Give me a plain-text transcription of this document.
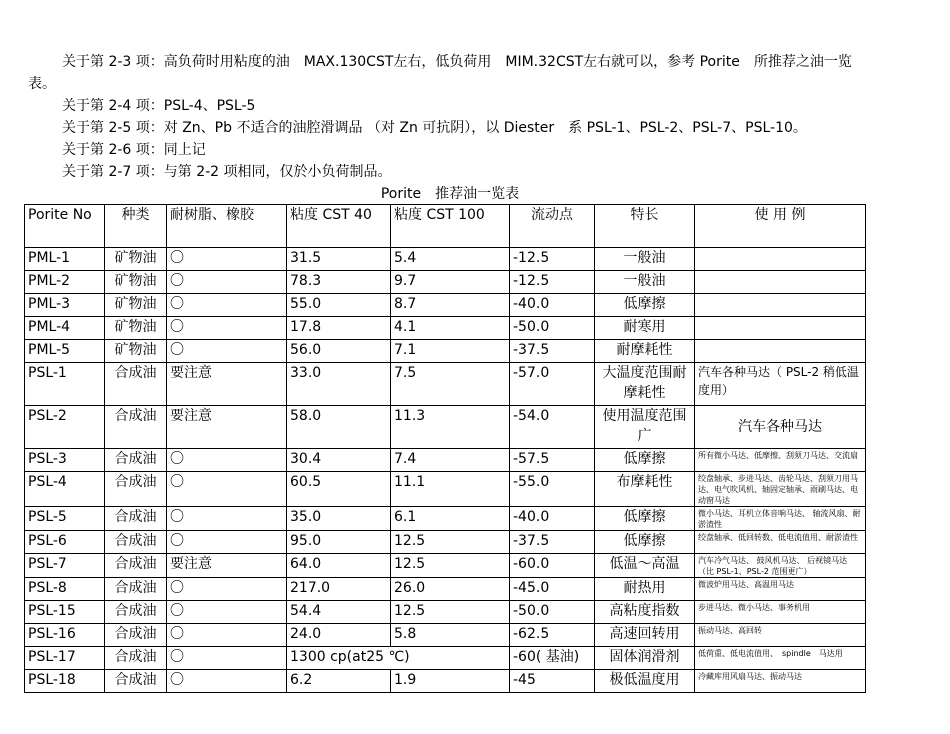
关于第 2-3 项：高负荷时用粘度的油　MAX.130CST左右，低负荷用　MIM.32CST左右就可以，参考 Porite　所推荐之油一览表。

关于第 2-4 项：PSL-4、PSL-5

关于第 2-5 项：对 Zn、Pb 不适合的油腔滑调品 （对 Zn 可抗阴），以 Diester　系 PSL-1、PSL-2、PSL-7、PSL-10。

关于第 2-6 项：同上记

关于第 2-7 项：与第 2-2 项相同，仅於小负荷制品。

Porite　推荐油一览表
Porite No	种类	耐树脂、橡胶	粘度 CST 40	粘度 CST 100	流动点	特长	使 用 例
PML-1	矿物油	〇	31.5	5.4	-12.5	一般油	
PML-2	矿物油	〇	78.3	9.7	-12.5	一般油	
PML-3	矿物油	〇	55.0	8.7	-40.0	低摩擦	
PML-4	矿物油	〇	17.8	4.1	-50.0	耐寒用	
PML-5	矿物油	〇	56.0	7.1	-37.5	耐摩耗性	
PSL-1	合成油	要注意	33.0	7.5	-57.0	大温度范围耐摩耗性	汽车各种马达（ PSL-2 稍低温度用）
PSL-2	合成油	要注意	58.0	11.3	-54.0	使用温度范围广	汽车各种马达
PSL-3	合成油	〇	30.4	7.4	-57.5	低摩擦	所有微小马达、低摩擦、刮须刀马达、交流扇
PSL-4	合成油	〇	60.5	11.1	-55.0	布摩耗性	绞盘轴承、步进马达、齿轮马达、刮须刀用马达、电气吹风机、轴固定轴承、雨刷马达、电动窗马达
PSL-5	合成油	〇	35.0	6.1	-40.0	低摩擦	微小马达、耳机立体音响马达、 轴流风扇、耐淤渣性
PSL-6	合成油	〇	95.0	12.5	-37.5	低摩擦	绞盘轴承、低回转数、低电流值用、耐淤渣性
PSL-7	合成油	要注意	64.0	12.5	-60.0	低温～高温	汽车冷气马达、 鼓风机马达、 后视镜马达（比 PSL-1、PSL-2 范围更广）
PSL-8	合成油	〇	217.0	26.0	-45.0	耐热用	微波炉用马达、高温用马达
PSL-15	合成油	〇	54.4	12.5	-50.0	高粘度指数	步进马达、微小马达、事务机用
PSL-16	合成油	〇	24.0	5.8	-62.5	高速回转用	振动马达、高回转
PSL-17	合成油	〇	1300 cp(at25 ℃)		-60( 基油)	固体润滑剂	低荷重、低电流值用、　spindle　马达用
PSL-18	合成油	〇	6.2	1.9	-45	极低温度用	冷藏库用风扇马达、振动马达
